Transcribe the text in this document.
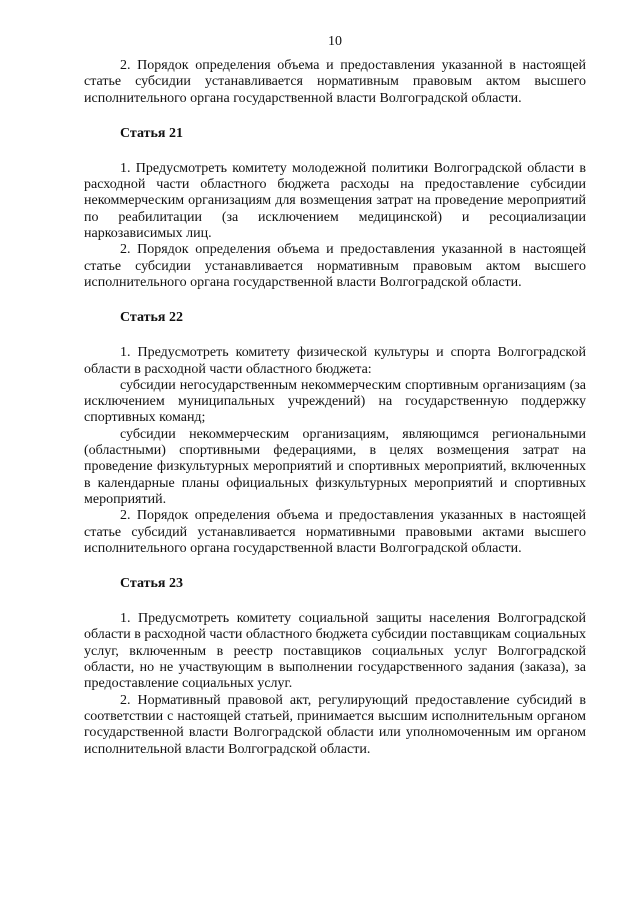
10

2. Порядок определения объема и предоставления указанной в настоящей статье субсидии устанавливается нормативным правовым актом высшего исполнительного органа государственной власти Волгоградской области.

Статья 21

1. Предусмотреть комитету молодежной политики Волгоградской области в расходной части областного бюджета расходы на предоставление субсидии некоммерческим организациям для возмещения затрат на проведение мероприятий по реабилитации (за исключением медицинской) и ресоциализации наркозависимых лиц.

2. Порядок определения объема и предоставления указанной в настоящей статье субсидии устанавливается нормативным правовым актом высшего исполнительного органа государственной власти Волгоградской области.

Статья 22

1. Предусмотреть комитету физической культуры и спорта Волгоградской области в расходной части областного бюджета:

субсидии негосударственным некоммерческим спортивным организациям (за исключением муниципальных учреждений) на государственную поддержку спортивных команд;

субсидии некоммерческим организациям, являющимся региональными (областными) спортивными федерациями, в целях возмещения затрат на проведение физкультурных мероприятий и спортивных мероприятий, включенных в календарные планы официальных физкультурных мероприятий и спортивных мероприятий.

2. Порядок определения объема и предоставления указанных в настоящей статье субсидий устанавливается нормативными правовыми актами высшего исполнительного органа государственной власти Волгоградской области.

Статья 23

1. Предусмотреть комитету социальной защиты населения Волгоградской области в расходной части областного бюджета субсидии поставщикам социальных услуг, включенным в реестр поставщиков социальных услуг Волгоградской области, но не участвующим в выполнении государственного задания (заказа), за предоставление социальных услуг.

2. Нормативный правовой акт, регулирующий предоставление субсидий в соответствии с настоящей статьей, принимается высшим исполнительным органом государственной власти Волгоградской области или уполномоченным им органом исполнительной власти Волгоградской области.
